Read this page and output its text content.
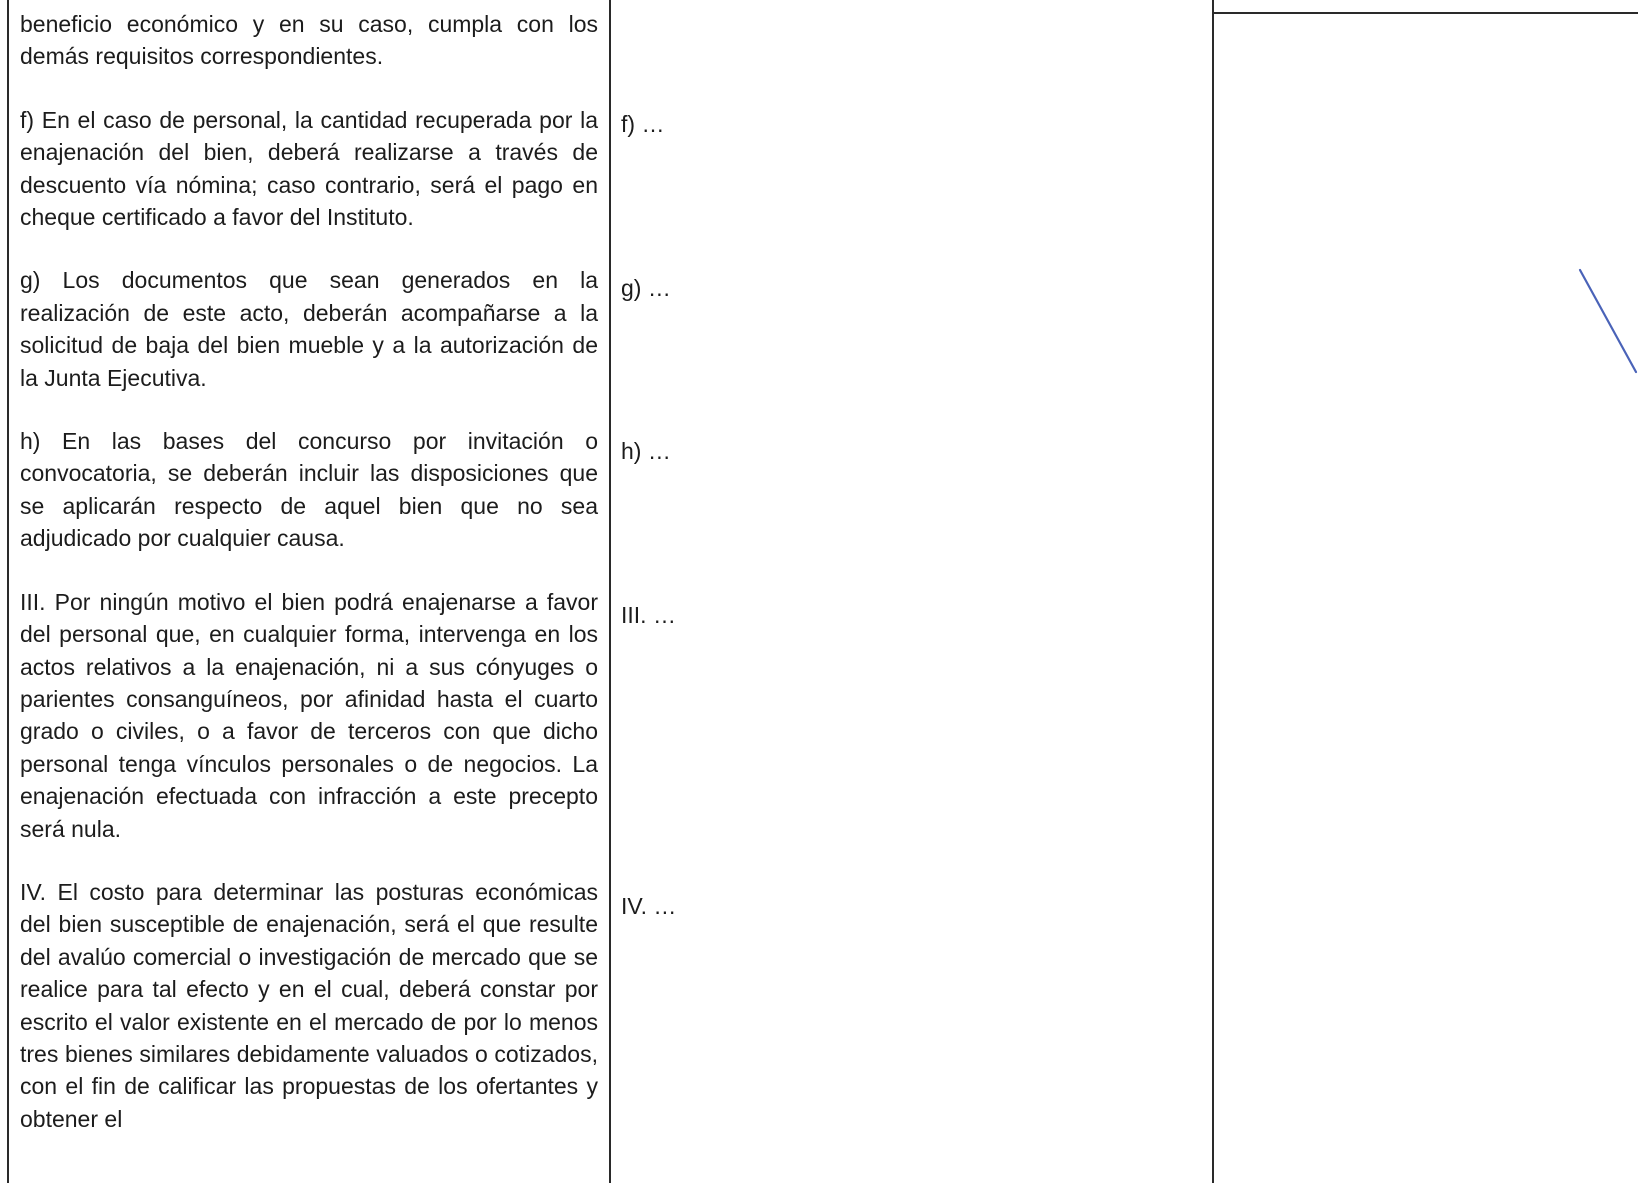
beneficio económico y en su caso, cumpla con los demás requisitos correspondientes.

f) En el caso de personal, la cantidad recuperada por la enajenación del bien, deberá realizarse a través de descuento vía nómina; caso contrario, será el pago en cheque certificado a favor del Instituto.

g) Los documentos que sean generados en la realización de este acto, deberán acompañarse a la solicitud de baja del bien mueble y a la autorización de la Junta Ejecutiva.

h) En las bases del concurso por invitación o convocatoria, se deberán incluir las disposiciones que se aplicarán respecto de aquel bien que no sea adjudicado por cualquier causa.

III. Por ningún motivo el bien podrá enajenarse a favor del personal que, en cualquier forma, intervenga en los actos relativos a la enajenación, ni a sus cónyuges o parientes consanguíneos, por afinidad hasta el cuarto grado o civiles, o a favor de terceros con que dicho personal tenga vínculos personales o de negocios. La enajenación efectuada con infracción a este precepto será nula.

IV. El costo para determinar las posturas económicas del bien susceptible de enajenación, será el que resulte del avalúo comercial o investigación de mercado que se realice para tal efecto y en el cual, deberá constar por escrito el valor existente en el mercado de por lo menos tres bienes similares debidamente valuados o cotizados, con el fin de calificar las propuestas de los ofertantes y obtener el

f) …

g) …

h) …

III. …

IV. …
